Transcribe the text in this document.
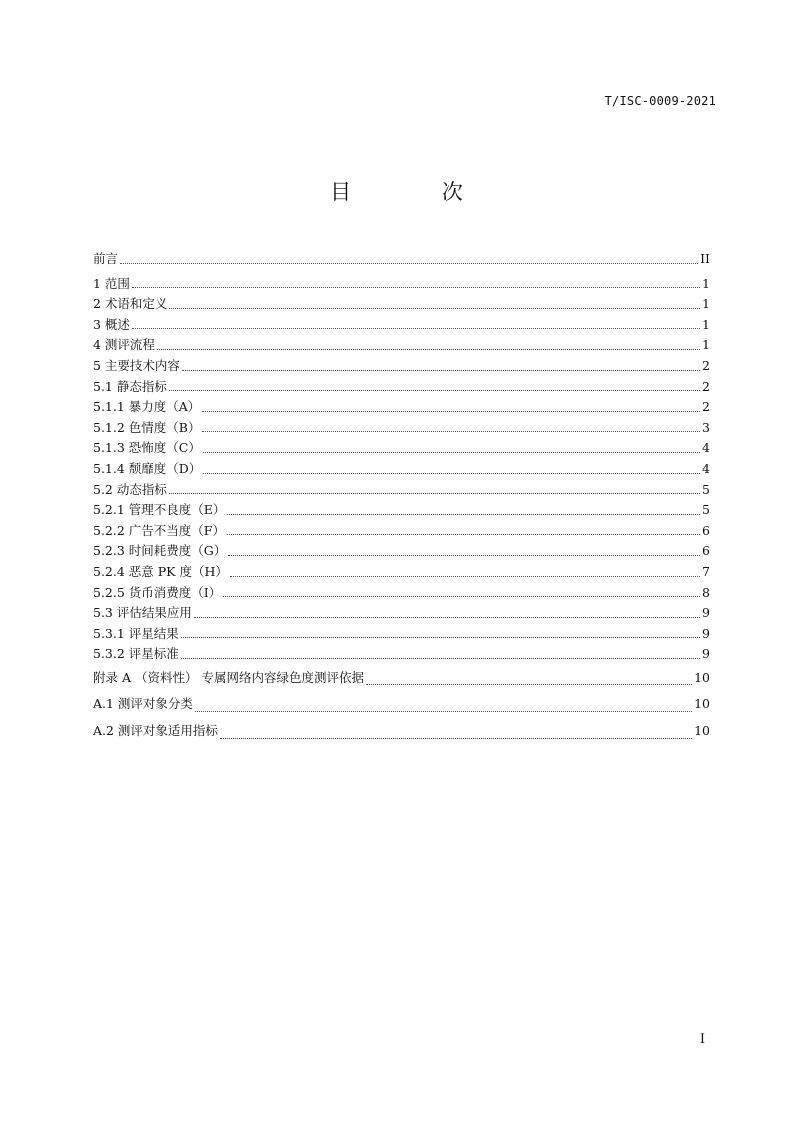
T/ISC-0009-2021
目 次
前言	II
1 范围	1
2 术语和定义	1
3 概述	1
4 测评流程	1
5 主要技术内容	2
5.1 静态指标	2
5.1.1 暴力度（A）	2
5.1.2 色情度（B）	3
5.1.3 恐怖度（C）	4
5.1.4 颓靡度（D）	4
5.2 动态指标	5
5.2.1 管理不良度（E）	5
5.2.2 广告不当度（F）	6
5.2.3 时间耗费度（G）	6
5.2.4 恶意 PK 度（H）	7
5.2.5 货币消费度（I）	8
5.3 评估结果应用	9
5.3.1 评星结果	9
5.3.2 评星标准	9
附录 A （资料性） 专属网络内容绿色度测评依据	10
A.1 测评对象分类	10
A.2 测评对象适用指标	10
I
